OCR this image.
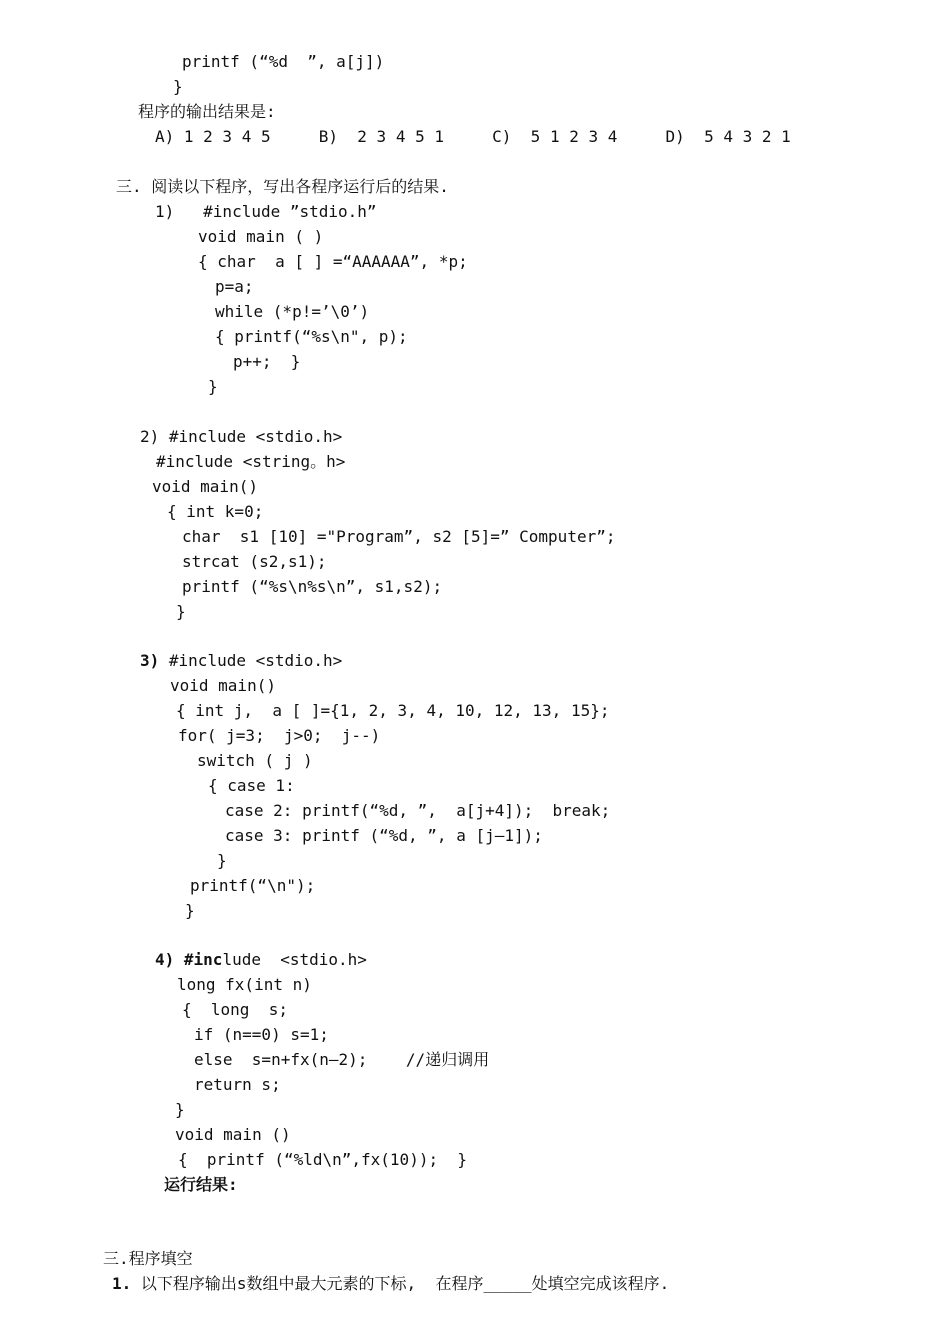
printf (“%d  ”, a[j])
}
程序的输出结果是:
A) 1 2 3 4 5     B)  2 3 4 5 1     C)  5 1 2 3 4     D)  5 4 3 2 1
三. 阅读以下程序，写出各程序运行后的结果.
1)   #include ”stdio.h”
void main ( )
{ char  a [ ] =“AAAAAA”, *p;
p=a;
while (*p!=’\0’)
{ printf(“%s\n", p);
p++;  }
}
2) #include <stdio.h>
#include <string。h>
void main()
{ int k=0;
char  s1 [10] ="Program”, s2 [5]=” Computer”;
strcat (s2,s1);
printf (“%s\n%s\n”, s1,s2);
}
3) #include <stdio.h>
void main()
{ int j,  a [ ]={1, 2, 3, 4, 10, 12, 13, 15};
for( j=3;  j>0;  j--)
switch ( j )
{ case 1:
case 2: printf(“%d, ”,  a[j+4]);  break;
case 3: printf (“%d, ”, a [j—1]);
}
printf(“\n");
}
4) #include  <stdio.h>
long fx(int n)
{  long  s;
if (n==0) s=1;
else  s=n+fx(n—2);    //递归调用
return s;
}
void main ()
{  printf (“%ld\n”,fx(10));  }
运行结果:
三.程序填空
1. 以下程序输出s数组中最大元素的下标,  在程序_____处填空完成该程序.
